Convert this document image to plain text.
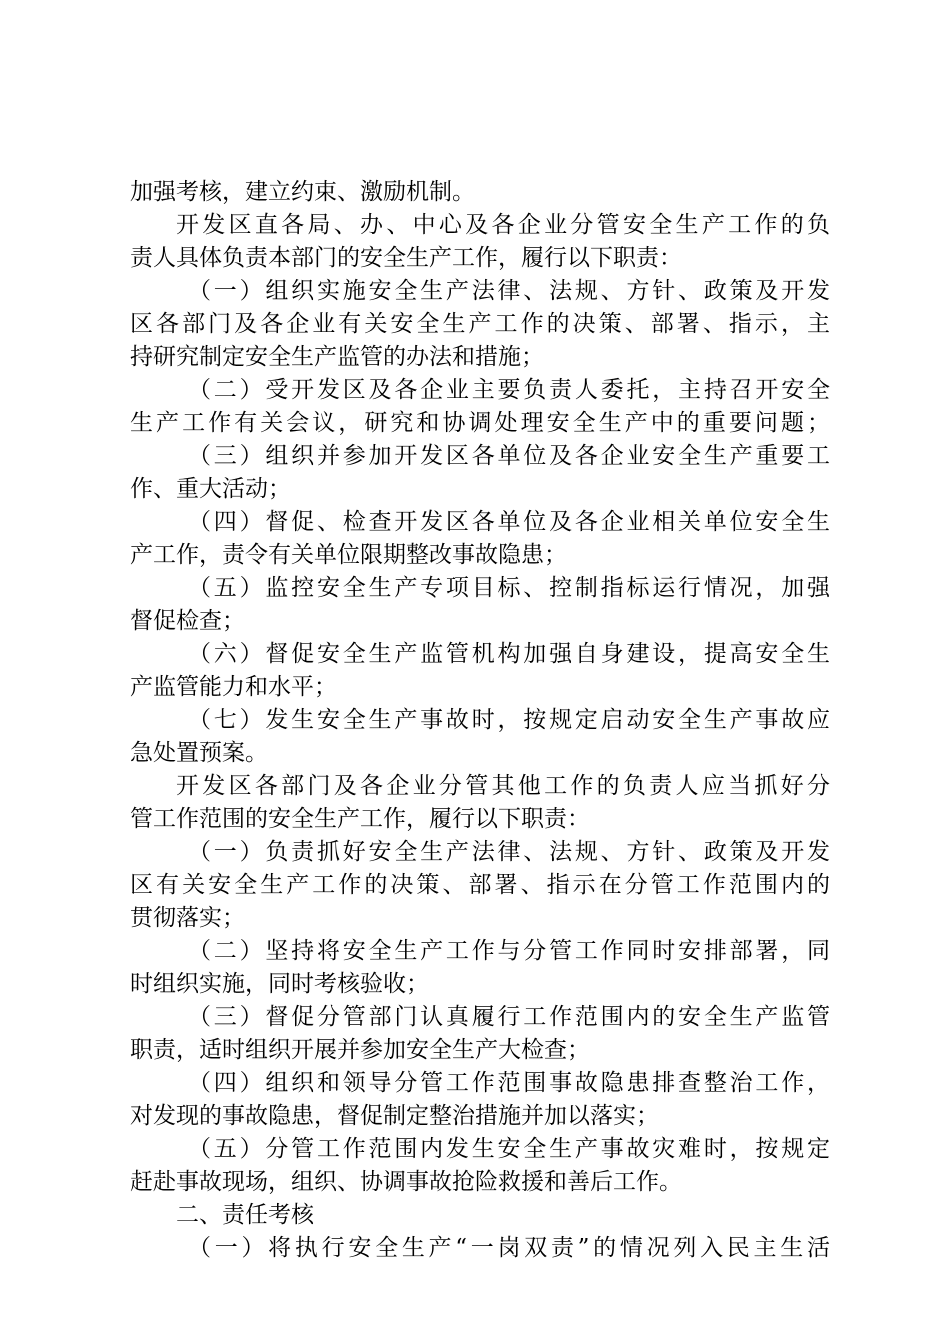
加强考核，建立约束、激励机制。
开发区直各局、办、中心及各企业分管安全生产工作的负
责人具体负责本部门的安全生产工作，履行以下职责：
（一）组织实施安全生产法律、法规、方针、政策及开发
区各部门及各企业有关安全生产工作的决策、部署、指示，主
持研究制定安全生产监管的办法和措施；
（二）受开发区及各企业主要负责人委托，主持召开安全
生产工作有关会议，研究和协调处理安全生产中的重要问题；
（三）组织并参加开发区各单位及各企业安全生产重要工
作、重大活动；
（四）督促、检查开发区各单位及各企业相关单位安全生
产工作，责令有关单位限期整改事故隐患；
（五）监控安全生产专项目标、控制指标运行情况，加强
督促检查；
（六）督促安全生产监管机构加强自身建设，提高安全生
产监管能力和水平；
（七）发生安全生产事故时，按规定启动安全生产事故应
急处置预案。
开发区各部门及各企业分管其他工作的负责人应当抓好分
管工作范围的安全生产工作，履行以下职责：
（一）负责抓好安全生产法律、法规、方针、政策及开发
区有关安全生产工作的决策、部署、指示在分管工作范围内的
贯彻落实；
（二）坚持将安全生产工作与分管工作同时安排部署，同
时组织实施，同时考核验收；
（三）督促分管部门认真履行工作范围内的安全生产监管
职责，适时组织开展并参加安全生产大检查；
（四）组织和领导分管工作范围事故隐患排查整治工作，
对发现的事故隐患，督促制定整治措施并加以落实；
（五）分管工作范围内发生安全生产事故灾难时，按规定
赶赴事故现场，组织、协调事故抢险救援和善后工作。
二、责任考核
（一）将执行安全生产“一岗双责”的情况列入民主生活
